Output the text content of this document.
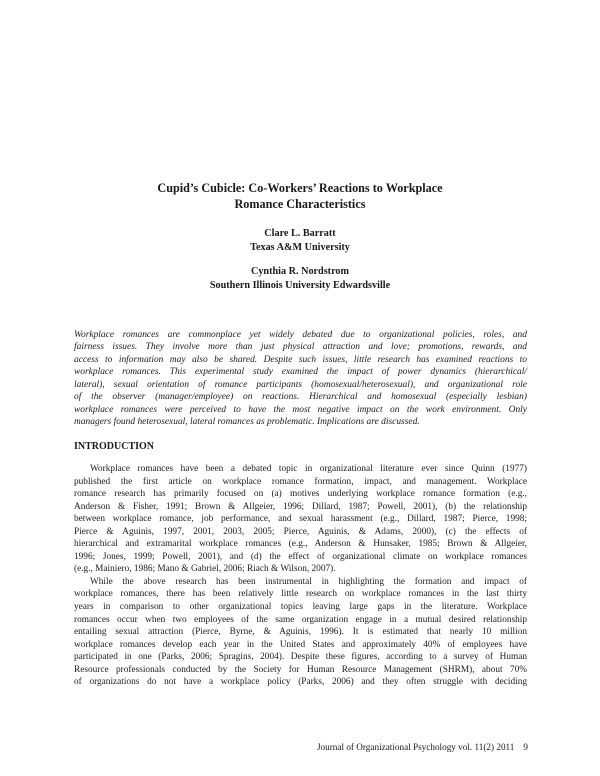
Cupid’s Cubicle: Co-Workers’ Reactions to Workplace
Romance Characteristics
Clare L. Barratt
Texas A&M University
Cynthia R. Nordstrom
Southern Illinois University Edwardsville
Workplace romances are commonplace yet widely debated due to organizational policies, roles, and
fairness issues. They involve more than just physical attraction and love; promotions, rewards, and
access to information may also be shared. Despite such issues, little research has examined reactions to
workplace romances. This experimental study examined the impact of power dynamics (hierarchical/
lateral), sexual orientation of romance participants (homosexual/heterosexual), and organizational role
of the observer (manager/employee) on reactions. Hierarchical and homosexual (especially lesbian)
workplace romances were perceived to have the most negative impact on the work environment. Only
managers found heterosexual, lateral romances as problematic. Implications are discussed.
INTRODUCTION
Workplace romances have been a debated topic in organizational literature ever since Quinn (1977)
published the first article on workplace romance formation, impact, and management. Workplace
romance research has primarily focused on (a) motives underlying workplace romance formation (e.g.,
Anderson & Fisher, 1991; Brown & Allgeier, 1996; Dillard, 1987; Powell, 2001), (b) the relationship
between workplace romance, job performance, and sexual harassment (e.g., Dillard, 1987; Pierce, 1998;
Pierce & Aguinis, 1997, 2001, 2003, 2005; Pierce, Aguinis, & Adams, 2000), (c) the effects of
hierarchical and extramarital workplace romances (e.g., Anderson & Hunsaker, 1985; Brown & Allgeier,
1996; Jones, 1999; Powell, 2001), and (d) the effect of organizational climate on workplace romances
(e.g., Mainiero, 1986; Mano & Gabriel, 2006; Riach & Wilson, 2007).
While the above research has been instrumental in highlighting the formation and impact of
workplace romances, there has been relatively little research on workplace romances in the last thirty
years in comparison to other organizational topics leaving large gaps in the literature. Workplace
romances occur when two employees of the same organization engage in a mutual desired relationship
entailing sexual attraction (Pierce, Byrne, & Aguinis, 1996). It is estimated that nearly 10 million
workplace romances develop each year in the United States and approximately 40% of employees have
participated in one (Parks, 2006; Spragins, 2004). Despite these figures, according to a survey of Human
Resource professionals conducted by the Society for Human Resource Management (SHRM), about 70%
of organizations do not have a workplace policy (Parks, 2006) and they often struggle with deciding
Journal of Organizational Psychology vol. 11(2) 2011 9
